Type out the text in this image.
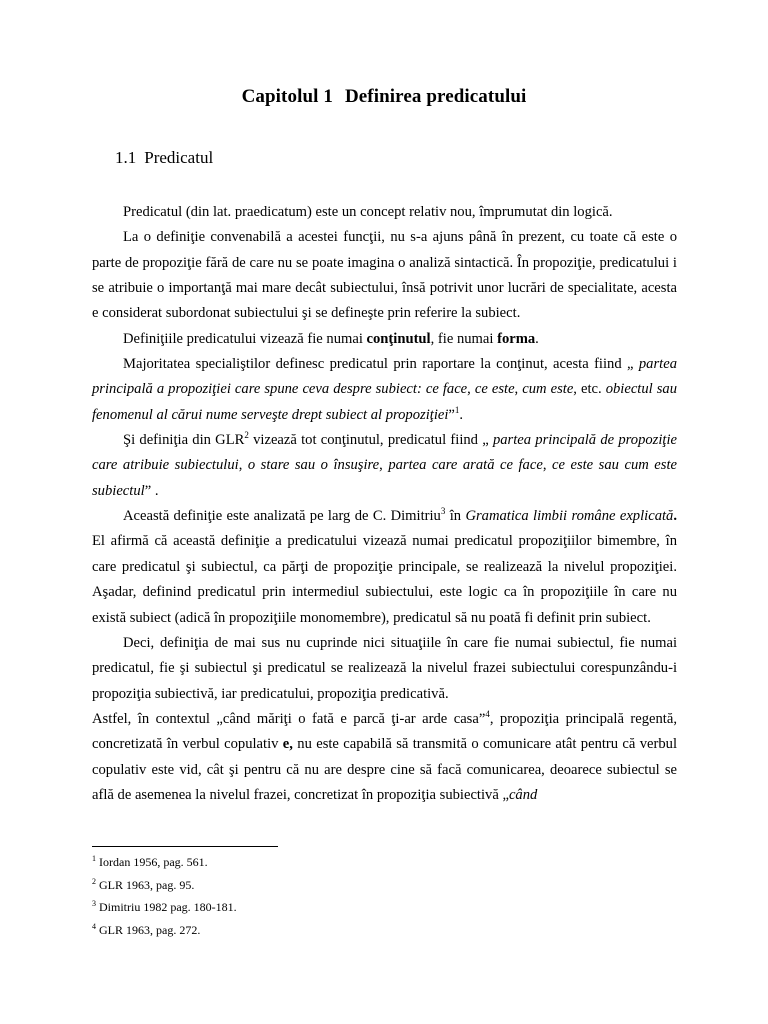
Capitolul 1 Definirea predicatului
1.1 Predicatul

Predicatul (din lat. praedicatum) este un concept relativ nou, împrumutat din logică.

La o definiţie convenabilă a acestei funcţii, nu s-a ajuns până în prezent, cu toate că este o parte de propoziţie fără de care nu se poate imagina o analiză sintactică. În propoziţie, predicatului i se atribuie o importanţă mai mare decât subiectului, însă potrivit unor lucrări de specialitate, acesta e considerat subordonat subiectului şi se defineşte prin referire la subiect.

Definiţiile predicatului vizează fie numai conţinutul, fie numai forma.

Majoritatea specialiştilor definesc predicatul prin raportare la conţinut, acesta fiind „ partea principală a propoziţiei care spune ceva despre subiect: ce face, ce este, cum este, etc. obiectul sau fenomenul al cărui nume serveşte drept subiect al propoziţiei”$^1$.

Şi definiţia din GLR$^2$ vizează tot conţinutul, predicatul fiind „ partea principală de propoziţie care atribuie subiectului, o stare sau o însuşire, partea care arată ce face, ce este sau cum este subiectul” .

Această definiţie este analizată pe larg de C. Dimitriu$^3$ în Gramatica limbii române explicată. El afirmă că această definiţie a predicatului vizează numai predicatul propoziţiilor bimembre, în care predicatul şi subiectul, ca părţi de propoziţie principale, se realizează la nivelul propoziţiei. Aşadar, definind predicatul prin intermediul subiectului, este logic ca în propoziţiile în care nu există subiect (adică în propoziţiile monomembre), predicatul să nu poată fi definit prin subiect.

Deci, definiţia de mai sus nu cuprinde nici situaţiile în care fie numai subiectul, fie numai predicatul, fie şi subiectul şi predicatul se realizează la nivelul frazei subiectului corespunzându-i propoziţia subiectivă, iar predicatului, propoziţia predicativă.

Astfel, în contextul „când măriţi o fată e parcă ţi-ar arde casa”$^4$, propoziţia principală regentă, concretizată în verbul copulativ e, nu este capabilă să transmită o comunicare atât pentru că verbul copulativ este vid, cât şi pentru că nu are despre cine să facă comunicarea, deoarece subiectul se află de asemenea la nivelul frazei, concretizat în propoziţia subiectivă „când

$^1$ Iordan 1956, pag. 561.
$^2$ GLR 1963, pag. 95.
$^3$ Dimitriu 1982 pag. 180-181.
$^4$ GLR 1963, pag. 272.
